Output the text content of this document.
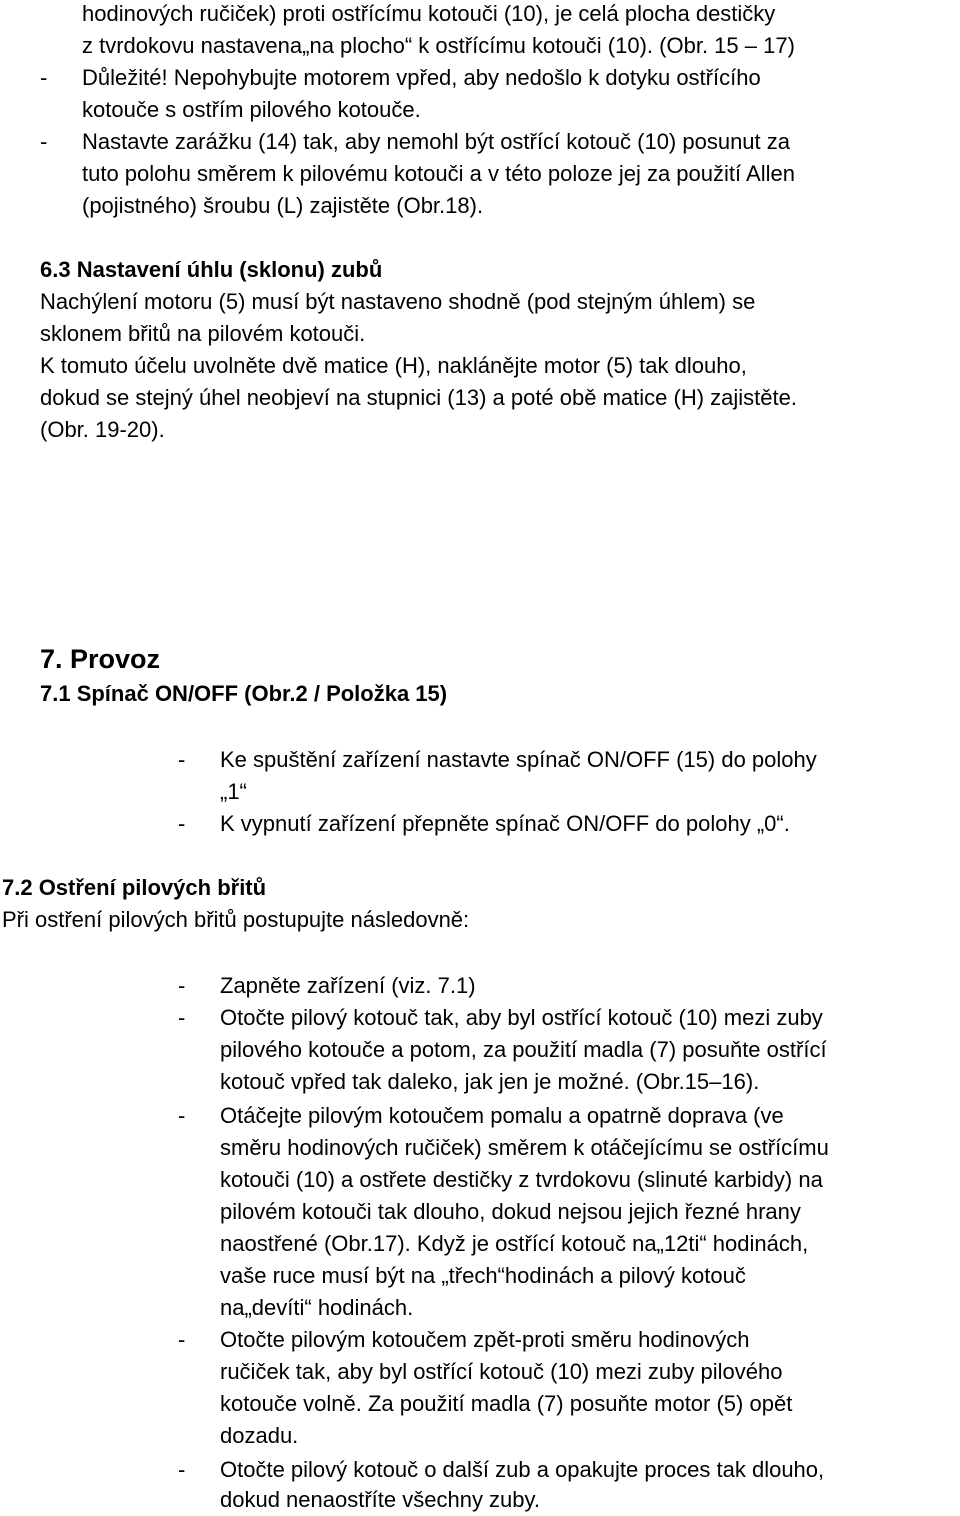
hodinových ručiček) proti ostřícímu kotouči (10), je celá plocha destičky
z tvrdokovu nastavena„na plocho“ k ostřícímu kotouči (10). (Obr. 15 – 17)
- Důležité! Nepohybujte motorem vpřed, aby nedošlo k dotyku ostřícího
kotouče s ostřím pilového kotouče.
- Nastavte zarážku (14) tak, aby nemohl být ostřící kotouč (10) posunut za
tuto polohu směrem k pilovému kotouči a v této poloze jej za použití Allen
(pojistného) šroubu (L) zajistěte (Obr.18).
6.3 Nastavení úhlu (sklonu) zubů
Nachýlení motoru (5) musí být nastaveno shodně (pod stejným úhlem) se
sklonem břitů na pilovém kotouči.
K tomuto účelu uvolněte dvě matice (H), naklánějte motor (5) tak dlouho,
dokud se stejný úhel neobjeví na stupnici (13) a poté obě matice (H) zajistěte.
(Obr. 19-20).
7. Provoz
7.1 Spínač ON/OFF (Obr.2 / Položka 15)
- Ke spuštění zařízení nastavte spínač ON/OFF (15) do polohy
„1“
- K vypnutí zařízení přepněte spínač ON/OFF do polohy „0“.
7.2 Ostření pilových břitů
Při ostření pilových břitů postupujte následovně:
- Zapněte zařízení (viz. 7.1)
- Otočte pilový kotouč tak, aby byl ostřící kotouč (10) mezi zuby
pilového kotouče a potom, za použití madla (7) posuňte ostřící
kotouč vpřed tak daleko, jak jen je možné. (Obr.15–16).
- Otáčejte pilovým kotoučem pomalu a opatrně doprava (ve
směru hodinových ručiček) směrem k otáčejícímu se ostřícímu
kotouči (10) a ostřete destičky z tvrdokovu (slinuté karbidy) na
pilovém kotouči tak dlouho, dokud nejsou jejich řezné hrany
naostřené (Obr.17). Když je ostřící kotouč na„12ti“ hodinách,
vaše ruce musí být na „třech“hodinách a pilový kotouč
na„devíti“ hodinách.
- Otočte pilovým kotoučem zpět-proti směru hodinových
ručiček tak, aby byl ostřící kotouč (10) mezi zuby pilového
kotouče volně. Za použití madla (7) posuňte motor (5) opět
dozadu.
- Otočte pilový kotouč o další zub a opakujte proces tak dlouho,
dokud nenaostříte všechny zuby.
